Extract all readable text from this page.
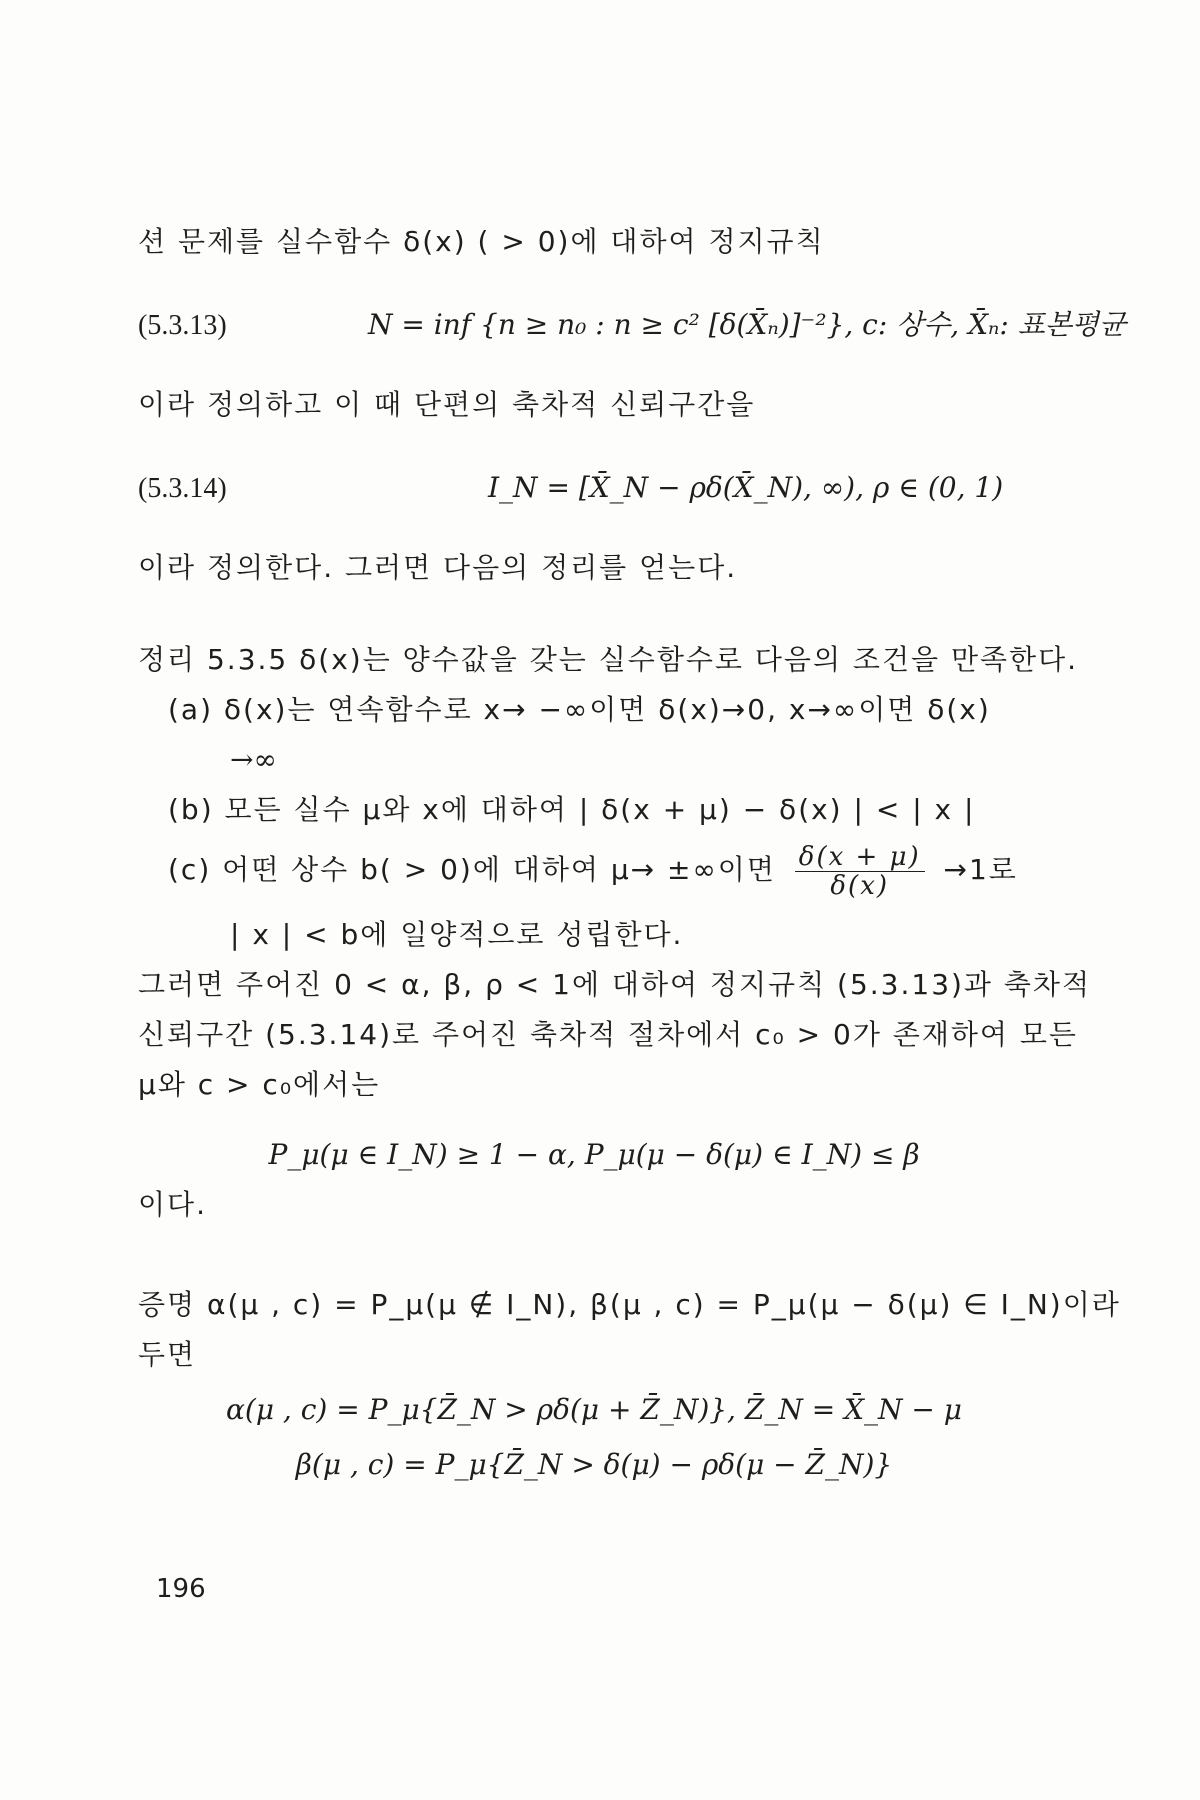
션 문제를 실수함수 δ(x) ( > 0)에 대하여 정지규칙
(5.3.13)	N = inf {n ≥ n₀ : n ≥ c² [δ(X̄ₙ)]⁻²}, c: 상수, X̄ₙ: 표본평균
이라 정의하고 이 때 단편의 축차적 신뢰구간을
(5.3.14)	I_N = [X̄_N − ρδ(X̄_N), ∞), ρ ∈ (0, 1)
이라 정의한다. 그러면 다음의 정리를 얻는다.
정리 5.3.5 δ(x)는 양수값을 갖는 실수함수로 다음의 조건을 만족한다.
(a) δ(x)는 연속함수로 x→ −∞이면 δ(x)→0, x→∞이면 δ(x)
→∞
(b) 모든 실수 μ와 x에 대하여 | δ(x + μ) − δ(x) | < | x |
(c) 어떤 상수 b( > 0)에 대하여 μ→ ±∞이면 $\frac{\delta(x + \mu)}{\delta(x)} \to 1$로
| x | < b에 일양적으로 성립한다.
그러면 주어진 0 < α, β, ρ < 1에 대하여 정지규칙 (5.3.13)과 축차적
신뢰구간 (5.3.14)로 주어진 축차적 절차에서 c₀ > 0가 존재하여 모든
μ와 c > c₀에서는
P_μ(μ ∈ I_N) ≥ 1 − α, P_μ(μ − δ(μ) ∈ I_N) ≤ β
이다.
증명 α(μ , c) = P_μ(μ ∉ I_N), β(μ , c) = P_μ(μ − δ(μ) ∈ I_N)이라
두면
α(μ , c) = P_μ{Z̄_N > ρδ(μ + Z̄_N)}, Z̄_N = X̄_N − μ
β(μ , c) = P_μ{Z̄_N > δ(μ) − ρδ(μ − Z̄_N)}
196
